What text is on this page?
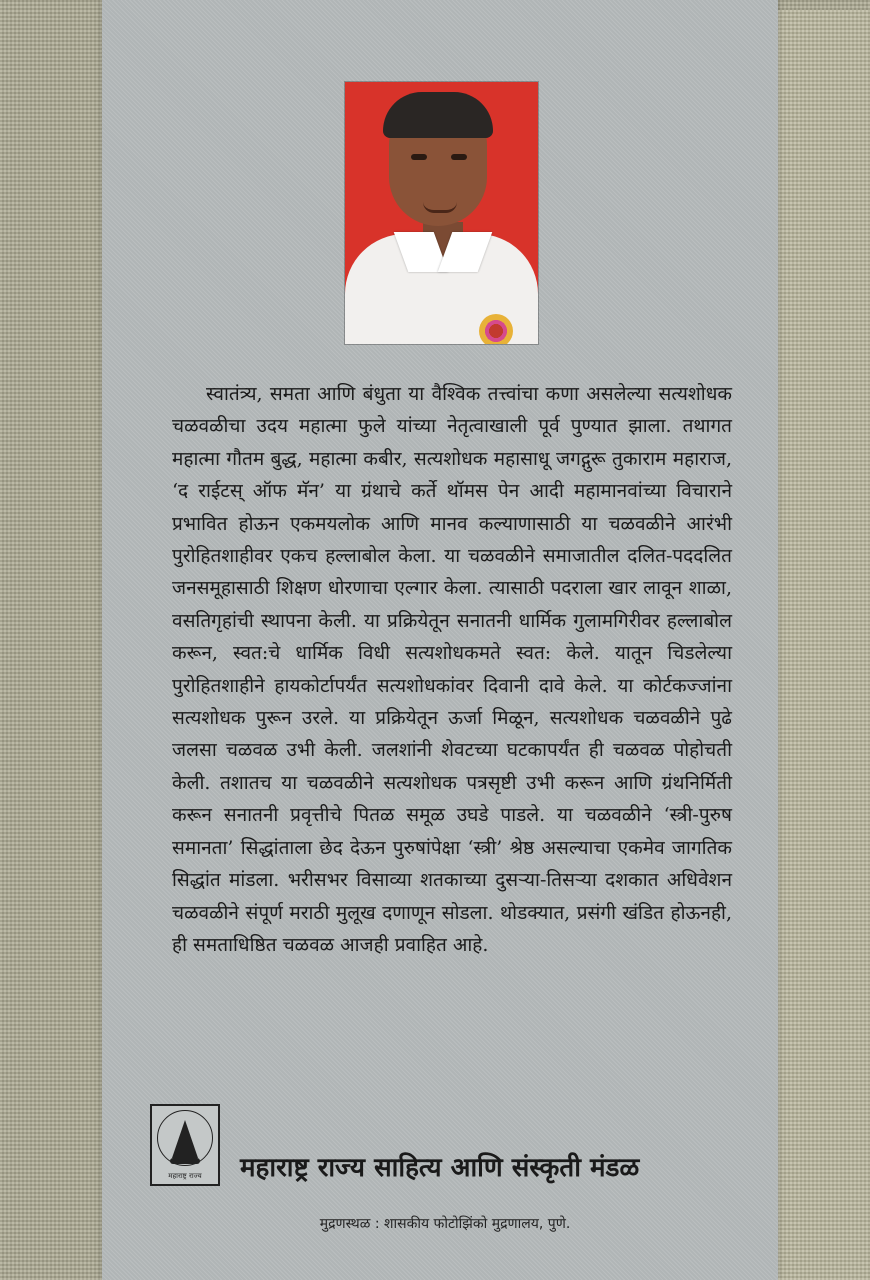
स्वातंत्र्य, समता आणि बंधुता या वैश्विक तत्त्वांचा कणा असलेल्या सत्यशोधक चळवळीचा उदय महात्मा फुले यांच्या नेतृत्वाखाली पूर्व पुण्यात झाला. तथागत महात्मा गौतम बुद्ध, महात्मा कबीर, सत्यशोधक महासाधू जगद्गुरू तुकाराम महाराज, ‘द राईटस् ऑफ मॅन’ या ग्रंथाचे कर्ते थॉमस पेन आदी महामानवांच्या विचाराने प्रभावित होऊन एकमयलोक आणि मानव कल्याणासाठी या चळवळीने आरंभी पुरोहितशाहीवर एकच हल्लाबोल केला. या चळवळीने समाजातील दलित-पददलित जनसमूहासाठी शिक्षण धोरणाचा एल्गार केला. त्यासाठी पदराला खार लावून शाळा, वसतिगृहांची स्थापना केली. या प्रक्रियेतून सनातनी धार्मिक गुलामगिरीवर हल्लाबोल करून, स्वत:चे धार्मिक विधी सत्यशोधकमते स्वत: केले. यातून चिडलेल्या पुरोहितशाहीने हायकोर्टापर्यंत सत्यशोधकांवर दिवानी दावे केले. या कोर्टकज्जांना सत्यशोधक पुरून उरले. या प्रक्रियेतून ऊर्जा मिळून, सत्यशोधक चळवळीने पुढे जलसा चळवळ उभी केली. जलशांनी शेवटच्या घटकापर्यंत ही चळवळ पोहोचती केली. तशातच या चळवळीने सत्यशोधक पत्रसृष्टी उभी करून आणि ग्रंथनिर्मिती करून सनातनी प्रवृत्तीचे पितळ समूळ उघडे पाडले. या चळवळीने ‘स्त्री-पुरुष समानता’ सिद्धांताला छेद देऊन पुरुषांपेक्षा ‘स्त्री’ श्रेष्ठ असल्याचा एकमेव जागतिक सिद्धांत मांडला. भरीसभर विसाव्या शतकाच्या दुसऱ्या-तिसऱ्या दशकात अधिवेशन चळवळीने संपूर्ण मराठी मुलूख दणाणून सोडला. थोडक्यात, प्रसंगी खंडित होऊनही, ही समताधिष्ठित चळवळ आजही प्रवाहित आहे.

महाराष्ट्र राज्य	महाराष्ट्र राज्य साहित्य आणि संस्कृती मंडळ
मुद्रणस्थळ : शासकीय फोटोझिंको मुद्रणालय, पुणे.
